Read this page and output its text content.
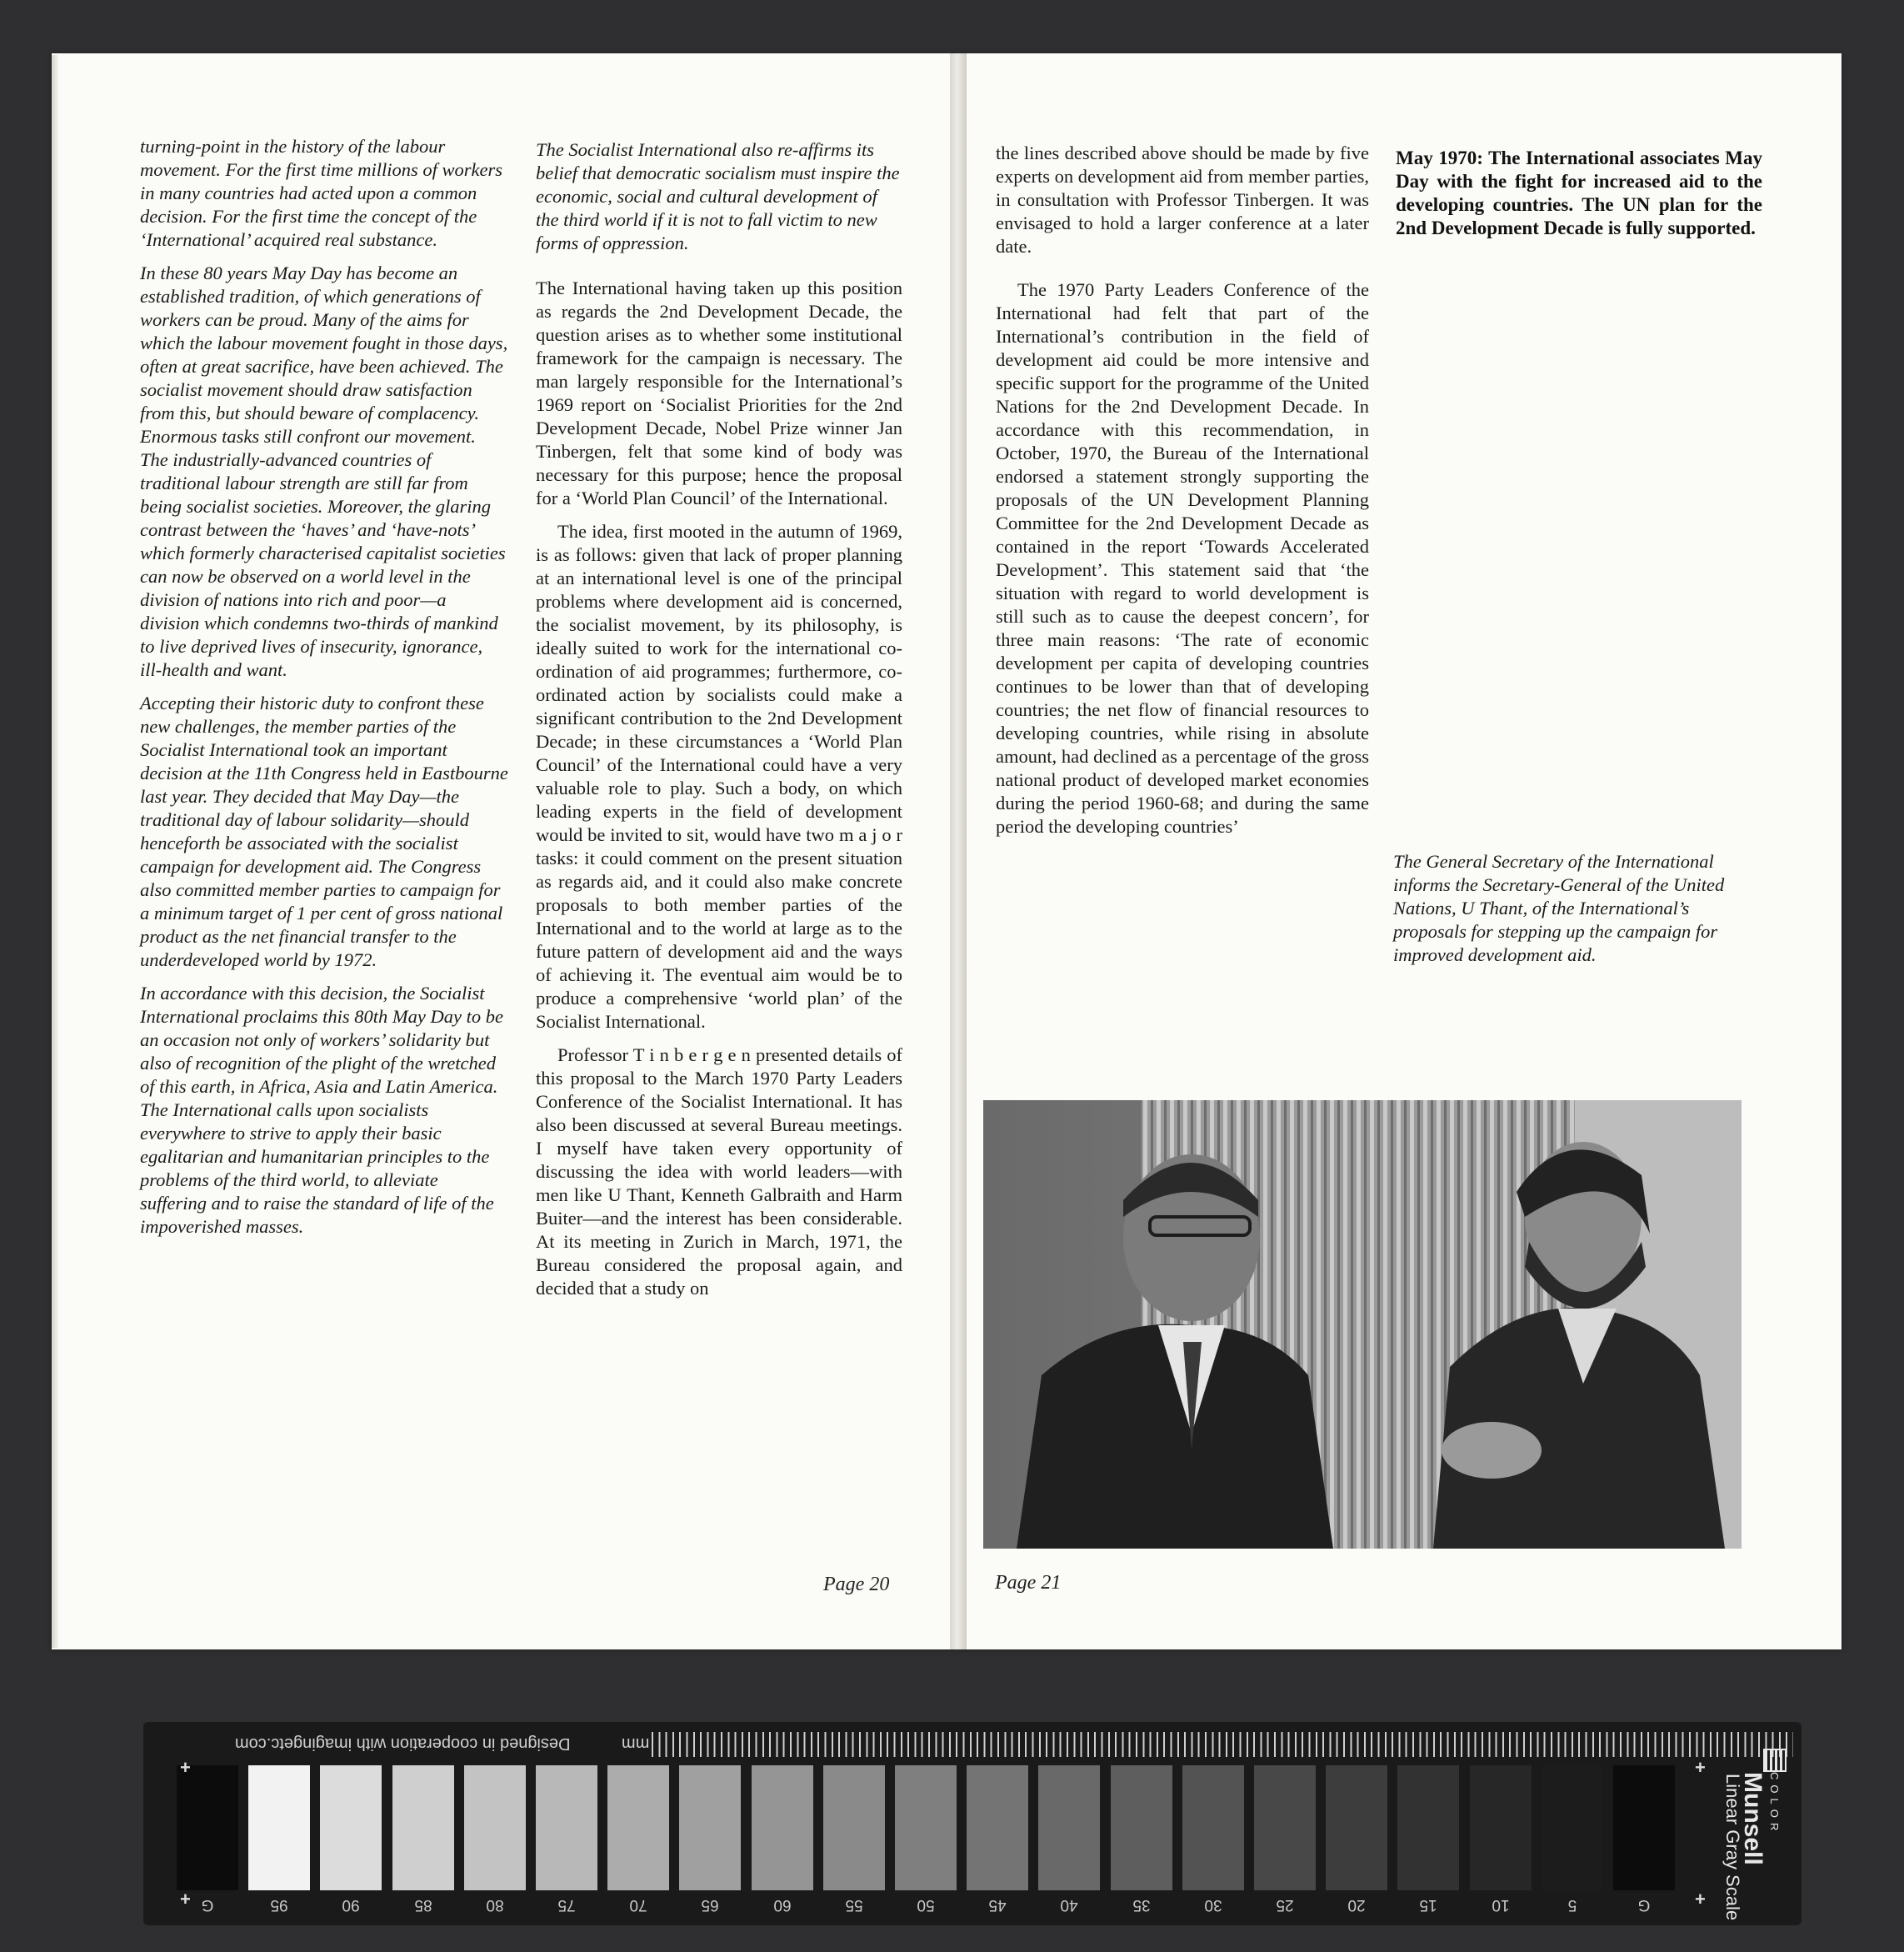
turning-point in the history of the labour movement. For the first time millions of workers in many countries had acted upon a common decision. For the first time the concept of the ‘International’ acquired real substance.

In these 80 years May Day has become an established tradition, of which generations of workers can be proud. Many of the aims for which the labour movement fought in those days, often at great sacrifice, have been achieved. The socialist movement should draw satisfaction from this, but should beware of complacency. Enormous tasks still confront our movement. The industrially-advanced countries of traditional labour strength are still far from being socialist societies. Moreover, the glaring contrast between the ‘haves’ and ‘have-nots’ which formerly characterised capitalist societies can now be observed on a world level in the division of nations into rich and poor—a division which condemns two-thirds of mankind to live deprived lives of insecurity, ignorance, ill-health and want.

Accepting their historic duty to confront these new challenges, the member parties of the Socialist International took an important decision at the 11th Congress held in Eastbourne last year. They decided that May Day—the traditional day of labour solidarity—should henceforth be associated with the socialist campaign for development aid. The Congress also committed member parties to campaign for a minimum target of 1 per cent of gross national product as the net financial transfer to the underdeveloped world by 1972.

In accordance with this decision, the Socialist International proclaims this 80th May Day to be an occasion not only of workers’ solidarity but also of recognition of the plight of the wretched of this earth, in Africa, Asia and Latin America. The International calls upon socialists everywhere to strive to apply their basic egalitarian and humanitarian principles to the problems of the third world, to alleviate suffering and to raise the standard of life of the impoverished masses.

The Socialist International also re-affirms its belief that democratic socialism must inspire the economic, social and cultural development of the third world if it is not to fall victim to new forms of oppression.

The International having taken up this position as regards the 2nd Development Decade, the question arises as to whether some institutional framework for the campaign is necessary. The man largely responsible for the International’s 1969 report on ‘Socialist Priorities for the 2nd Development Decade, Nobel Prize winner Jan Tinbergen, felt that some kind of body was necessary for this purpose; hence the proposal for a ‘World Plan Council’ of the International.

The idea, first mooted in the autumn of 1969, is as follows: given that lack of proper planning at an international level is one of the principal problems where development aid is concerned, the socialist movement, by its philosophy, is ideally suited to work for the international co-ordination of aid programmes; furthermore, co-ordinated action by socialists could make a significant contribution to the 2nd Development Decade; in these circumstances a ‘World Plan Council’ of the International could have a very valuable role to play. Such a body, on which leading experts in the field of development would be invited to sit, would have two m a j o r tasks: it could comment on the present situation as regards aid, and it could also make concrete proposals to both member parties of the International and to the world at large as to the future pattern of development aid and the ways of achieving it. The eventual aim would be to produce a comprehensive ‘world plan’ of the Socialist International.

Professor T i n b e r g e n presented details of this proposal to the March 1970 Party Leaders Conference of the Socialist International. It has also been discussed at several Bureau meetings. I myself have taken every opportunity of discussing the idea with world leaders—with men like U Thant, Kenneth Galbraith and Harm Buiter—and the interest has been considerable. At its meeting in Zurich in March, 1971, the Bureau considered the proposal again, and decided that a study on

Page 20

the lines described above should be made by five experts on development aid from member parties, in consultation with Professor Tinbergen. It was envisaged to hold a larger conference at a later date.

The 1970 Party Leaders Conference of the International had felt that part of the International’s contribution in the field of development aid could be more intensive and specific support for the programme of the United Nations for the 2nd Development Decade. In accordance with this recommendation, in October, 1970, the Bureau of the International endorsed a statement strongly supporting the proposals of the UN Development Planning Committee for the 2nd Development Decade as contained in the report ‘Towards Accelerated Development’. This statement said that ‘the situation with regard to world development is still such as to cause the deepest concern’, for three main reasons: ‘The rate of economic development per capita of developing countries continues to be lower than that of developing countries; the net flow of financial resources to developing countries, while rising in absolute amount, had declined as a percentage of the gross national product of developed market economies during the period 1960-68; and during the same period the developing countries’

May 1970: The International associates May Day with the fight for increased aid to the developing countries. The UN plan for the 2nd Development Decade is fully supported.

The General Secretary of the International informs the Secretary-General of the United Nations, U Thant, of the International’s proposals for stepping up the campaign for improved development aid.
Page 21
Designed in cooperation with imagingetc.com	mm
G	95	90	85	80	75	70	65	60	55	50	45	40	35	30	25	20	15	10	5	G
+
+
+
+
Munsell COLOR
Linear Gray Scale
